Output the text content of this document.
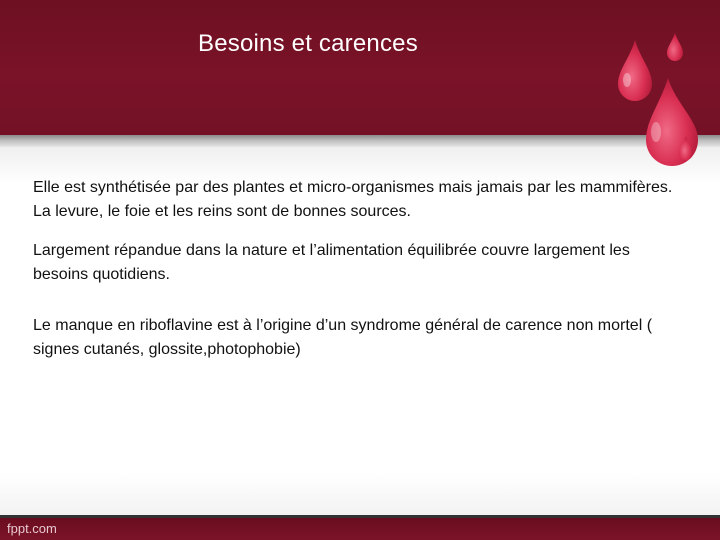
Besoins et carences

Elle est synthétisée par des plantes et micro-organismes mais jamais par les mammifères. La levure, le foie et les reins sont de bonnes sources.

Largement répandue dans la nature et l’alimentation équilibrée couvre largement les besoins quotidiens.

Le manque en riboflavine est à l’origine d’un syndrome général de carence non mortel ( signes cutanés, glossite,photophobie)

fppt.com
